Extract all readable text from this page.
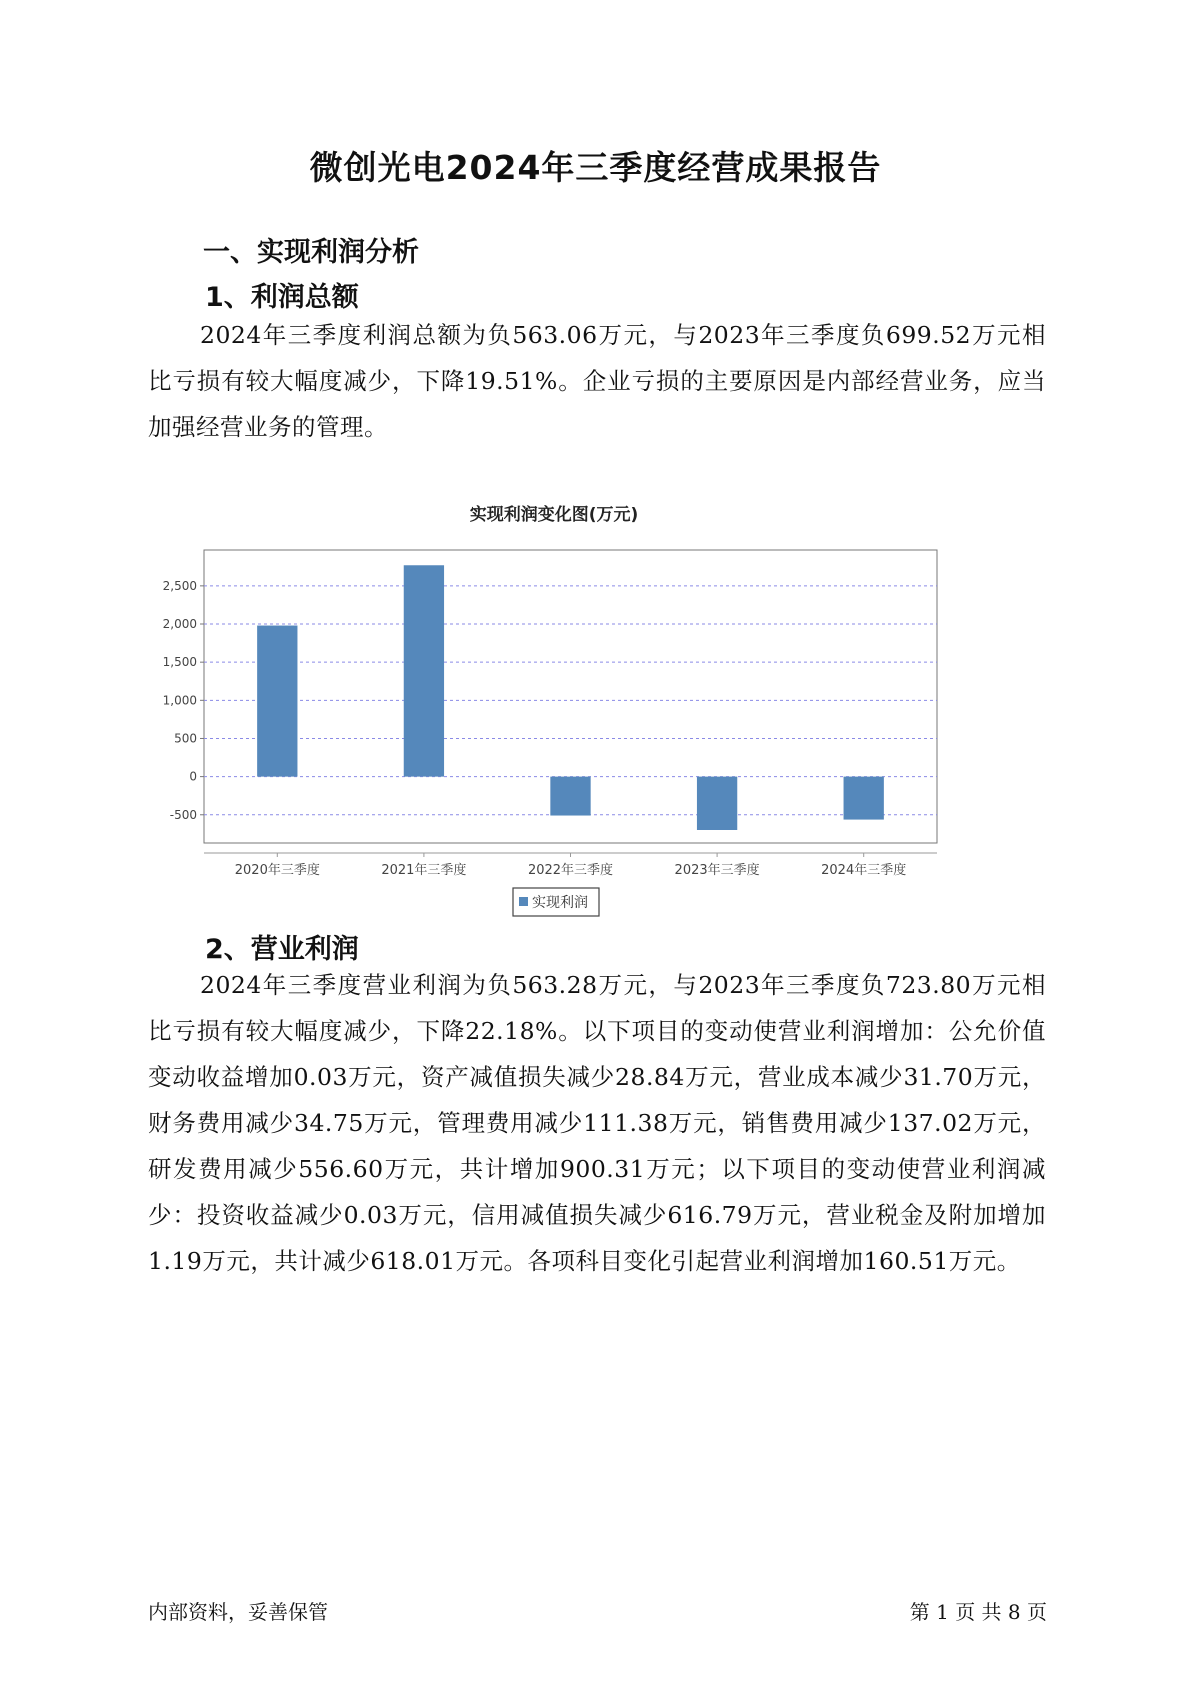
微创光电2024年三季度经营成果报告
一、实现利润分析
1、利润总额

2024年三季度利润总额为负563.06万元，与2023年三季度负699.52万元相比亏损有较大幅度减少，下降19.51%。企业亏损的主要原因是内部经营业务，应当加强经营业务的管理。

实现利润变化图(万元)
-500
0
500
1,000
1,500
2,000
2,500
2020年三季度	2021年三季度	2022年三季度	2023年三季度	2024年三季度
实现利润
2、营业利润

2024年三季度营业利润为负563.28万元，与2023年三季度负723.80万元相比亏损有较大幅度减少，下降22.18%。以下项目的变动使营业利润增加：公允价值变动收益增加0.03万元，资产减值损失减少28.84万元，营业成本减少31.70万元，财务费用减少34.75万元，管理费用减少111.38万元，销售费用减少137.02万元，研发费用减少556.60万元，共计增加900.31万元；以下项目的变动使营业利润减少：投资收益减少0.03万元，信用减值损失减少616.79万元，营业税金及附加增加1.19万元，共计减少618.01万元。各项科目变化引起营业利润增加160.51万元。

内部资料，妥善保管	第 1 页 共 8 页
